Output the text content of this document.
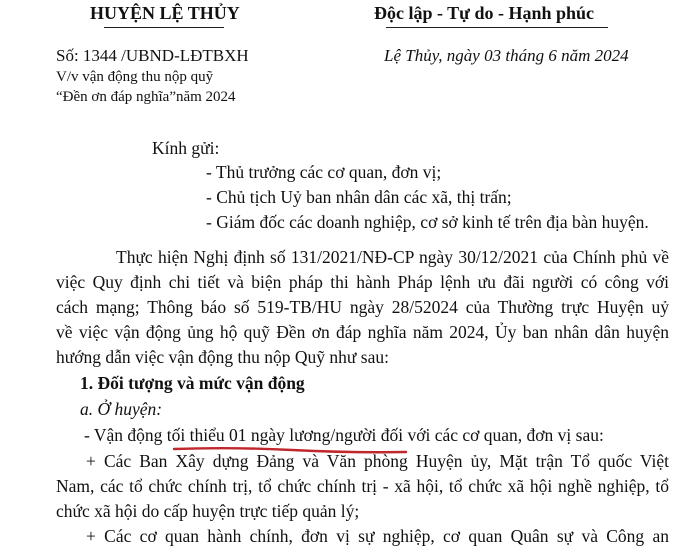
HUYỆN LỆ THỦY	Độc lập - Tự do - Hạnh phúc
Số: 1344 /UBND-LĐTBXH	Lệ Thủy, ngày 03 tháng 6 năm 2024
V/v vận động thu nộp quỹ
“Đền ơn đáp nghĩa”năm 2024
Kính gửi:
- Thủ trưởng các cơ quan, đơn vị;
- Chủ tịch Uỷ ban nhân dân các xã, thị trấn;
- Giám đốc các doanh nghiệp, cơ sở kinh tế trên địa bàn huyện.
Thực hiện Nghị định số 131/2021/NĐ-CP ngày 30/12/2021 của Chính phủ về
việc Quy định chi tiết và biện pháp thi hành Pháp lệnh ưu đãi người có công với
cách mạng; Thông báo số 519-TB/HU ngày 28/52024 của Thường trực Huyện uỷ
về việc vận động ủng hộ quỹ Đền ơn đáp nghĩa năm 2024, Ủy ban nhân dân huyện
hướng dẫn việc vận động thu nộp Quỹ như sau:
1. Đối tượng và mức vận động
a. Ở huyện:
- Vận động tối thiểu 01 ngày lương/người đối với các cơ quan, đơn vị sau:
+ Các Ban Xây dựng Đảng và Văn phòng Huyện ủy, Mặt trận Tổ quốc Việt
Nam, các tổ chức chính trị, tổ chức chính trị - xã hội, tổ chức xã hội nghề nghiệp, tổ
chức xã hội do cấp huyện trực tiếp quản lý;
+ Các cơ quan hành chính, đơn vị sự nghiệp, cơ quan Quân sự và Công an
